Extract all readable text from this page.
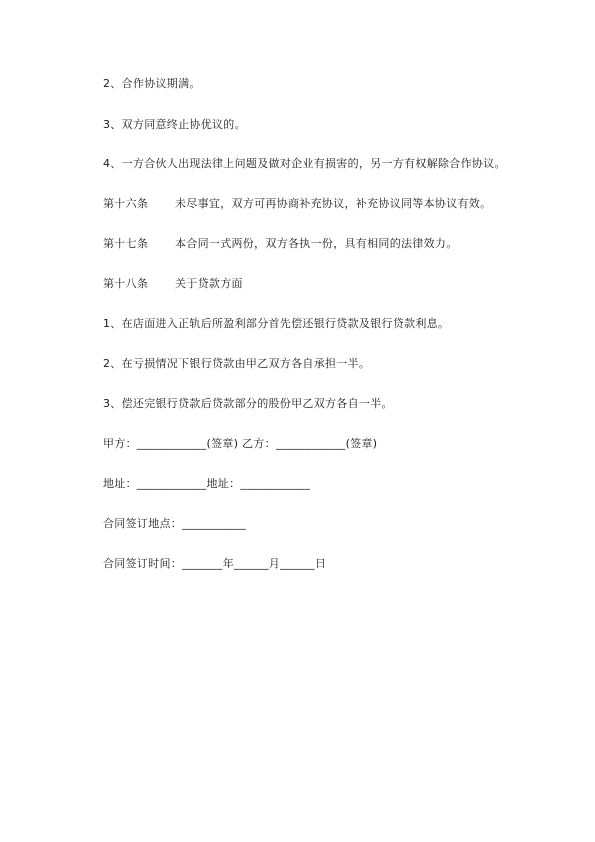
2、合作协议期满。
3、双方同意终止协优议的。
4、一方合伙人出现法律上问题及做对企业有损害的，另一方有权解除合作协议。
第十六条 未尽事宜，双方可再协商补充协议，补充协议同等本协议有效。
第十七条 本合同一式两份，双方各执一份，具有相同的法律效力。
第十八条 关于贷款方面
1、在店面进入正轨后所盈利部分首先偿还银行贷款及银行贷款利息。
2、在亏损情况下银行贷款由甲乙双方各自承担一半。
3、偿还完银行贷款后贷款部分的股份甲乙双方各自一半。
甲方：____________(签章) 乙方：____________(签章)
地址：____________地址：____________
合同签订地点：___________
合同签订时间：_______年______月______日
